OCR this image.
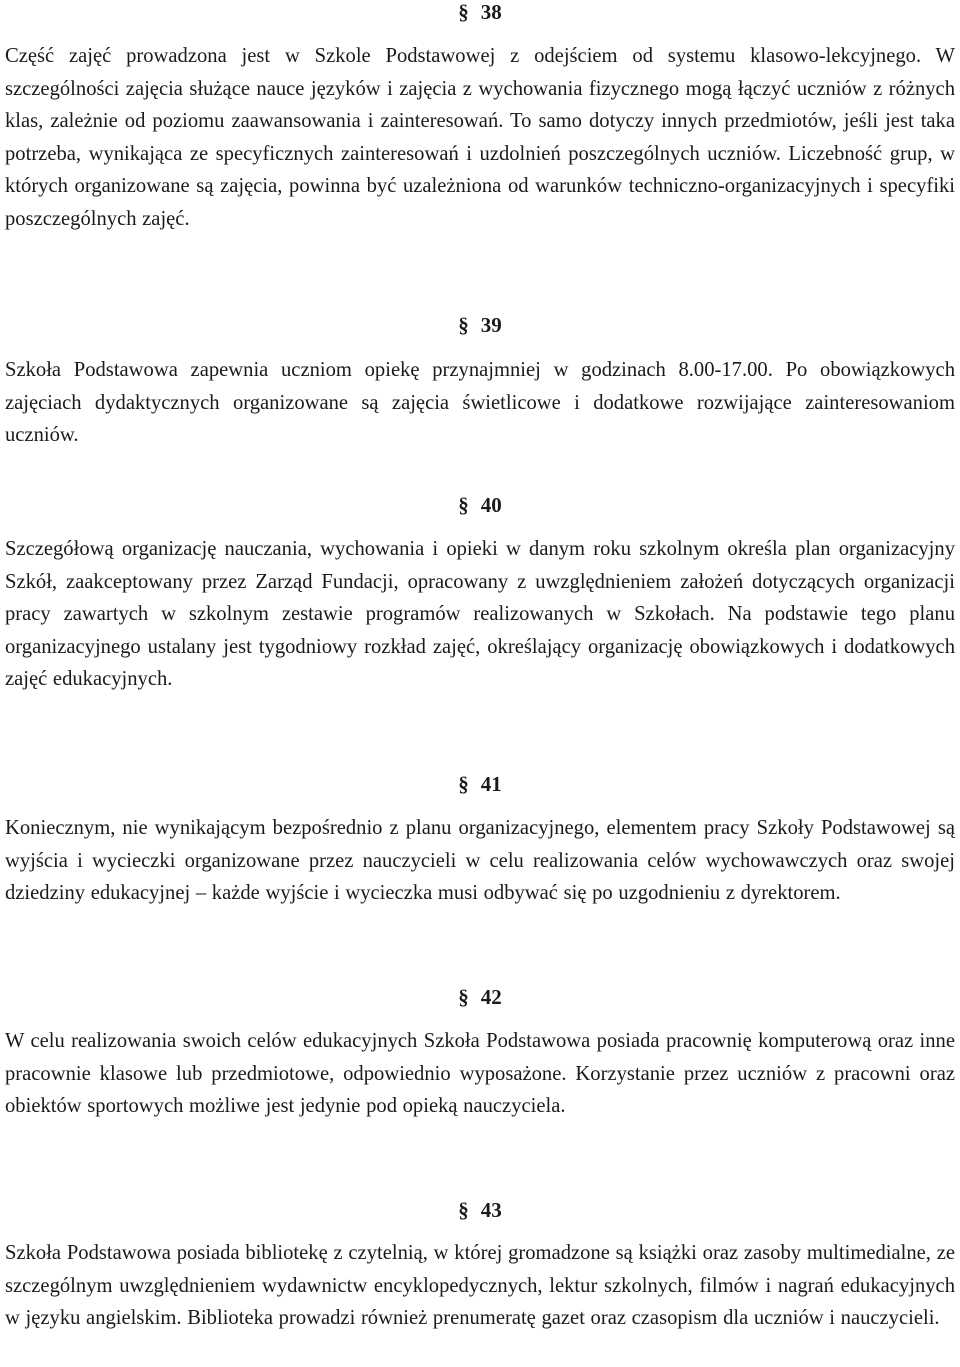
§ 38

Część zajęć prowadzona jest w Szkole Podstawowej z odejściem od systemu klasowo-lekcyjnego. W szczególności zajęcia służące nauce języków i zajęcia z wychowania fizycznego mogą łączyć uczniów z różnych klas, zależnie od poziomu zaawansowania i zainteresowań. To samo dotyczy innych przedmiotów, jeśli jest taka potrzeba, wynikająca ze specyficznych zainteresowań i uzdolnień poszczególnych uczniów. Liczebność grup, w których organizowane są zajęcia, powinna być uzależniona od warunków techniczno-organizacyjnych i specyfiki poszczególnych zajęć.

§ 39

Szkoła Podstawowa zapewnia uczniom opiekę przynajmniej w godzinach 8.00-17.00. Po obowiązkowych zajęciach dydaktycznych organizowane są zajęcia świetlicowe i dodatkowe rozwijające zainteresowaniom uczniów.

§ 40

Szczegółową organizację nauczania, wychowania i opieki w danym roku szkolnym określa plan organizacyjny Szkół, zaakceptowany przez Zarząd Fundacji, opracowany z uwzględnieniem założeń dotyczących organizacji pracy zawartych w szkolnym zestawie programów realizowanych w Szkołach. Na podstawie tego planu organizacyjnego ustalany jest tygodniowy rozkład zajęć, określający organizację obowiązkowych i dodatkowych zajęć edukacyjnych.

§ 41

Koniecznym, nie wynikającym bezpośrednio z planu organizacyjnego, elementem pracy Szkoły Podstawowej są wyjścia i wycieczki organizowane przez nauczycieli w celu realizowania celów wychowawczych oraz swojej dziedziny edukacyjnej – każde wyjście i wycieczka musi odbywać się po uzgodnieniu z dyrektorem.

§ 42

W celu realizowania swoich celów edukacyjnych Szkoła Podstawowa posiada pracownię komputerową oraz inne pracownie klasowe lub przedmiotowe, odpowiednio wyposażone. Korzystanie przez uczniów z pracowni oraz obiektów sportowych możliwe jest jedynie pod opieką nauczyciela.

§ 43

Szkoła Podstawowa posiada bibliotekę z czytelnią, w której gromadzone są książki oraz zasoby multimedialne, ze szczególnym uwzględnieniem wydawnictw encyklopedycznych, lektur szkolnych, filmów i nagrań edukacyjnych w języku angielskim. Biblioteka prowadzi również prenumeratę gazet oraz czasopism dla uczniów i nauczycieli.
